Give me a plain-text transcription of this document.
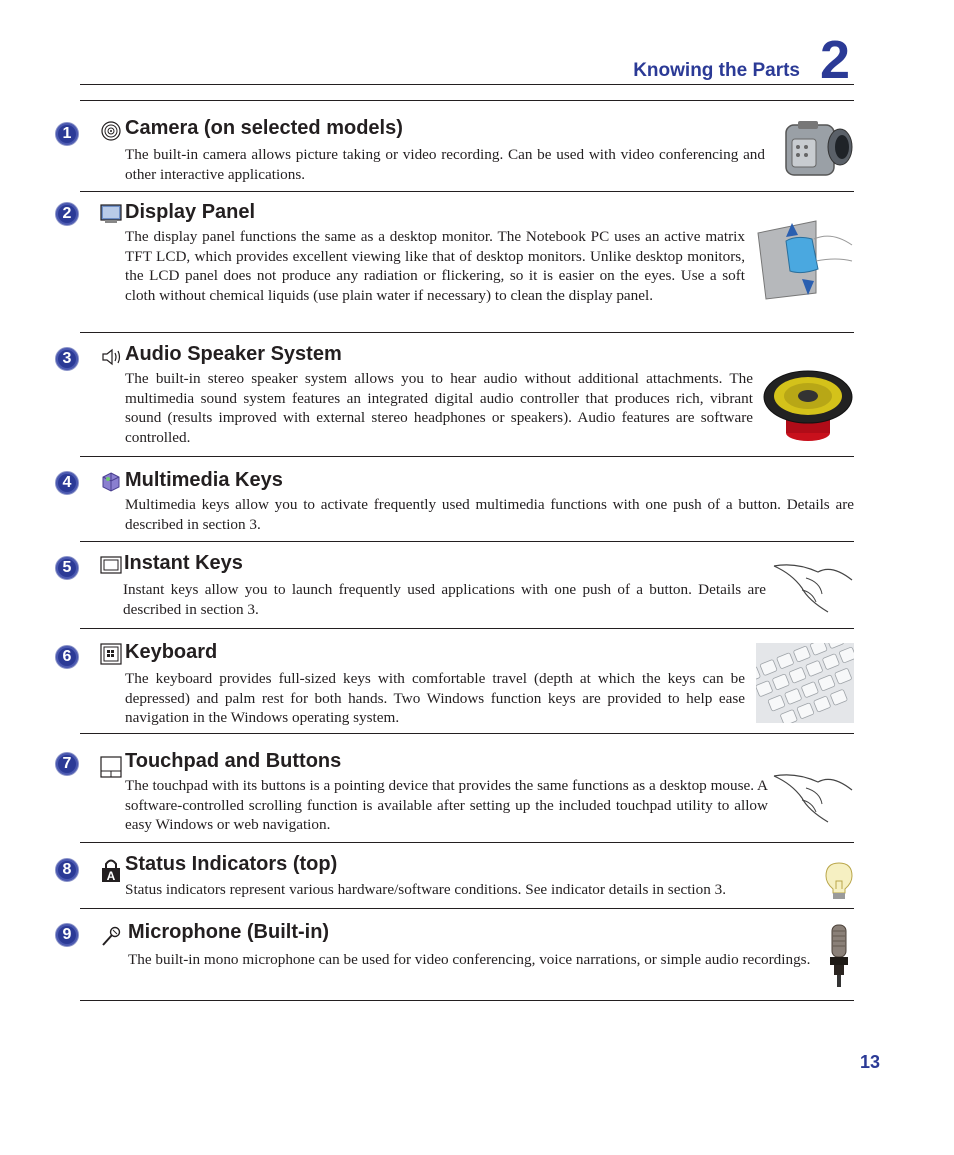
Knowing the Parts 2
1	Camera (on selected models)

The built-in camera allows picture taking or video recording. Can be used with video conferencing and other interactive applications.

2	Display Panel

The display panel functions the same as a desktop monitor. The Notebook PC uses an active matrix TFT LCD, which provides excellent viewing like that of desktop monitors. Unlike desktop monitors, the LCD panel does not produce any radiation or flickering, so it is easier on the eyes. Use a soft cloth without chemical liquids (use plain water if necessary) to clean the display panel.

3	Audio Speaker System

The built-in stereo speaker system allows you to hear audio without additional attachments. The multimedia sound system features an integrated digital audio controller that produces rich, vibrant sound (results improved with external stereo headphones or speakers). Audio features are software controlled.

4	Multimedia Keys

Multimedia keys allow you to activate frequently used multimedia functions with one push of a button. Details are described in section 3.

5	Instant Keys

Instant keys allow you to launch frequently used applications with one push of a button. Details are described in section 3.

6	Keyboard

The keyboard provides full-sized keys with comfortable travel (depth at which the keys can be depressed) and palm rest for both hands. Two Windows function keys are provided to help ease navigation in the Windows operating system.

7	Touchpad and Buttons

The touchpad with its buttons is a pointing device that provides the same functions as a desktop mouse. A software-controlled scrolling function is available after setting up the included touchpad utility to allow easy Windows or web navigation.

8	A
Status Indicators (top)

Status indicators represent various hardware/software conditions. See indicator details in section 3.

9	Microphone (Built-in)

The built-in mono microphone can be used for video conferencing, voice narrations, or simple audio recordings.

13
